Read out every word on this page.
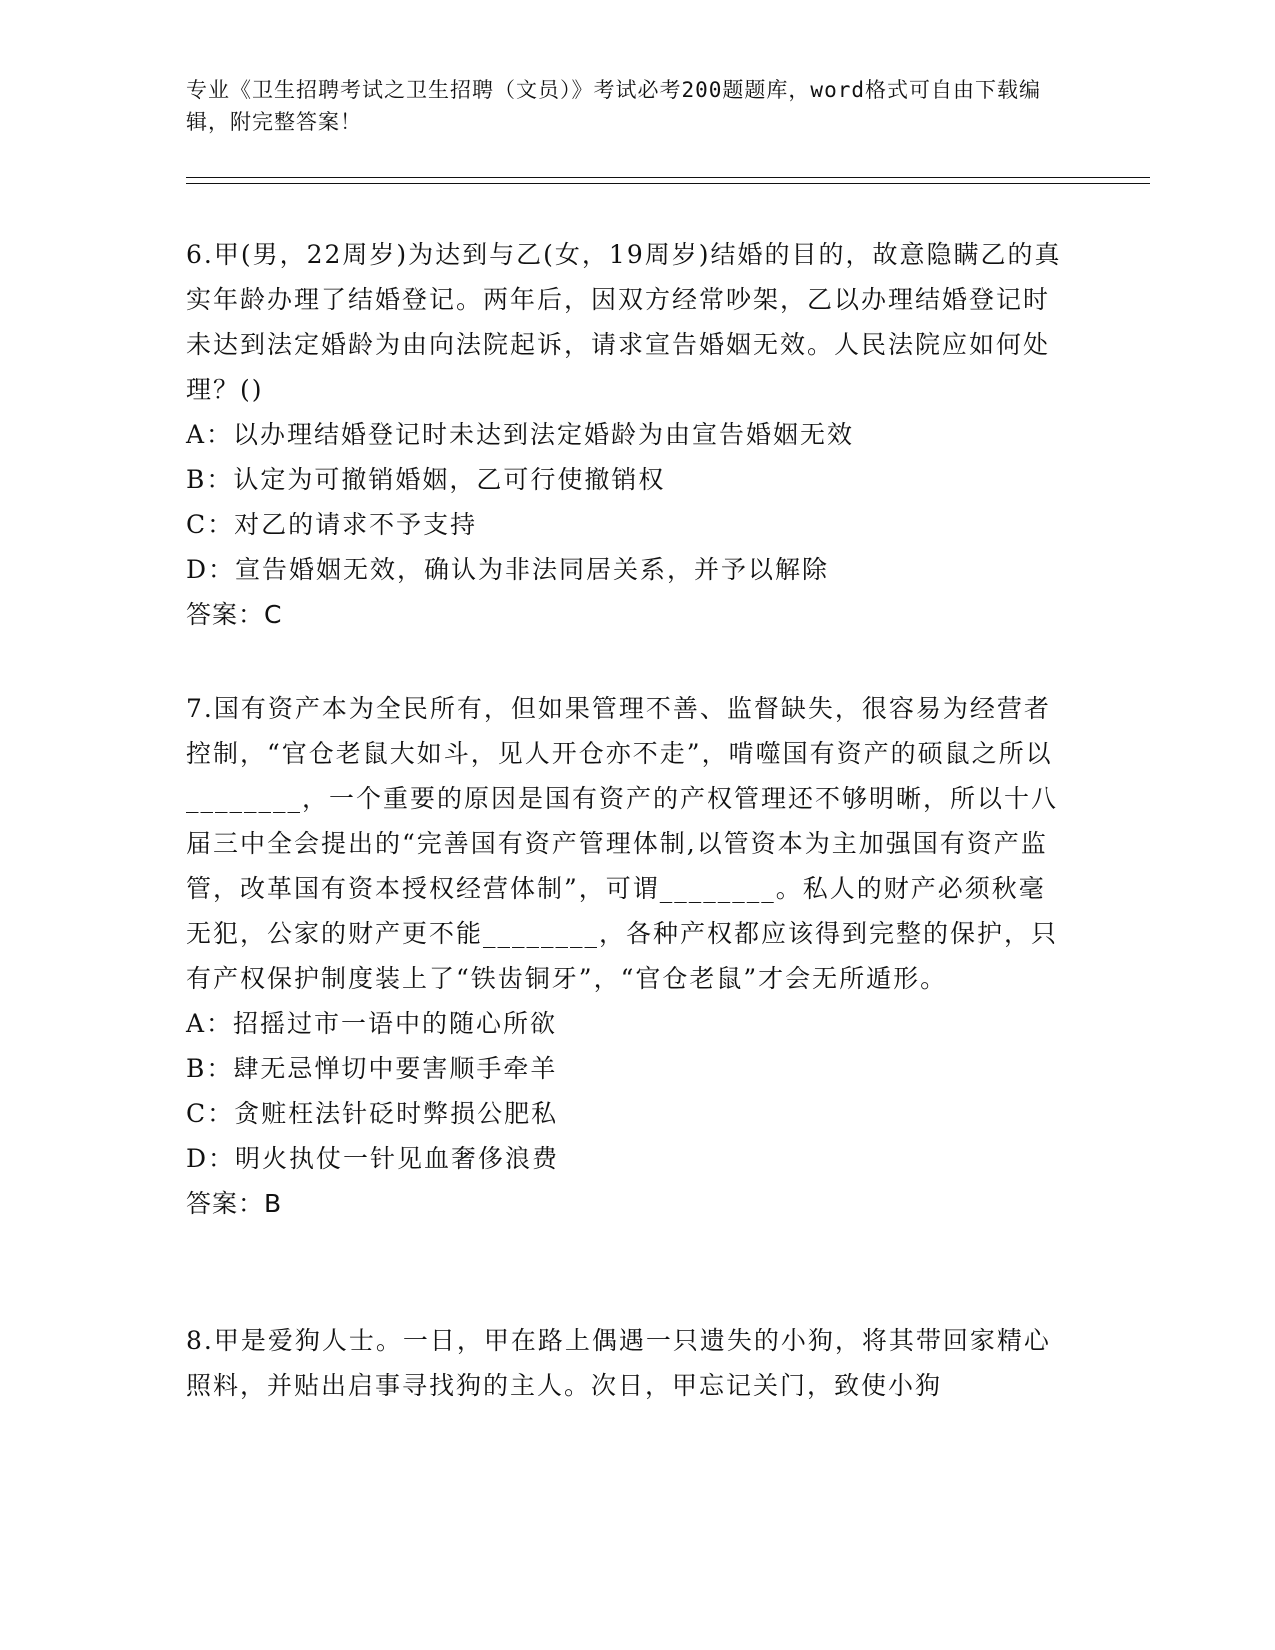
专业《卫生招聘考试之卫生招聘（文员）》考试必考200题题库，word格式可自由下载编辑，附完整答案！

6.甲(男，22周岁)为达到与乙(女，19周岁)结婚的目的，故意隐瞒乙的真实年龄办理了结婚登记。两年后，因双方经常吵架，乙以办理结婚登记时未达到法定婚龄为由向法院起诉，请求宣告婚姻无效。人民法院应如何处理？()

A：以办理结婚登记时未达到法定婚龄为由宣告婚姻无效

B：认定为可撤销婚姻，乙可行使撤销权

C：对乙的请求不予支持

D：宣告婚姻无效，确认为非法同居关系，并予以解除

答案：C

7.国有资产本为全民所有，但如果管理不善、监督缺失，很容易为经营者控制，“官仓老鼠大如斗，见人开仓亦不走”，啃噬国有资产的硕鼠之所以________，一个重要的原因是国有资产的产权管理还不够明晰，所以十八届三中全会提出的“完善国有资产管理体制,以管资本为主加强国有资产监管，改革国有资本授权经营体制”，可谓________。私人的财产必须秋毫无犯，公家的财产更不能________，各种产权都应该得到完整的保护，只有产权保护制度装上了“铁齿铜牙”，“官仓老鼠”才会无所遁形。

A：招摇过市一语中的随心所欲

B：肆无忌惮切中要害顺手牵羊

C：贪赃枉法针砭时弊损公肥私

D：明火执仗一针见血奢侈浪费

答案：B

8.甲是爱狗人士。一日，甲在路上偶遇一只遗失的小狗，将其带回家精心照料，并贴出启事寻找狗的主人。次日，甲忘记关门，致使小狗
